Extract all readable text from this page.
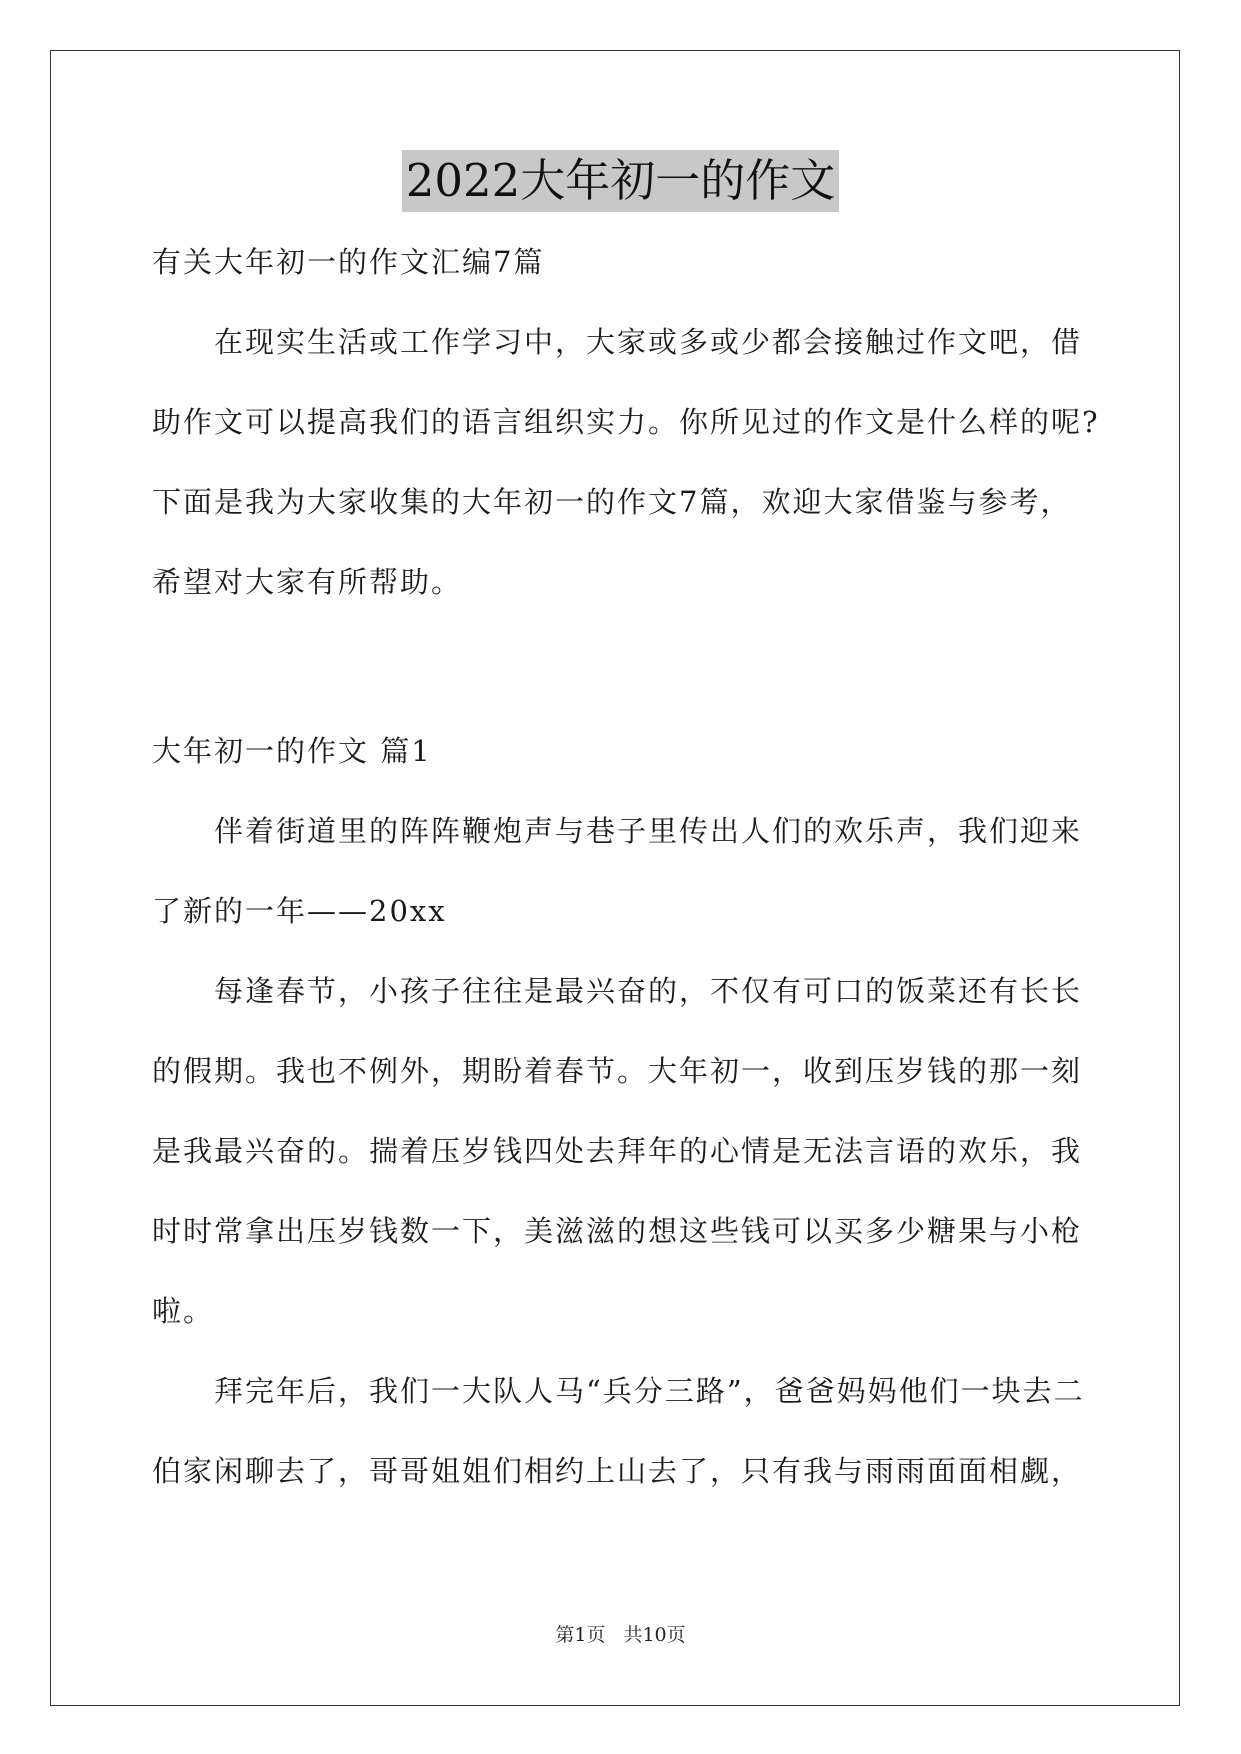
2022大年初一的作文
有关大年初一的作文汇编7篇
在现实生活或工作学习中，大家或多或少都会接触过作文吧，借
助作文可以提高我们的语言组织实力。你所见过的作文是什么样的呢?
下面是我为大家收集的大年初一的作文7篇，欢迎大家借鉴与参考，
希望对大家有所帮助。
大年初一的作文 篇1
伴着街道里的阵阵鞭炮声与巷子里传出人们的欢乐声，我们迎来
了新的一年——20xx
每逢春节，小孩子往往是最兴奋的，不仅有可口的饭菜还有长长
的假期。我也不例外，期盼着春节。大年初一，收到压岁钱的那一刻
是我最兴奋的。揣着压岁钱四处去拜年的心情是无法言语的欢乐，我
时时常拿出压岁钱数一下，美滋滋的想这些钱可以买多少糖果与小枪
啦。
拜完年后，我们一大队人马“兵分三路”，爸爸妈妈他们一块去二
伯家闲聊去了，哥哥姐姐们相约上山去了，只有我与雨雨面面相觑，
第1页 共10页
